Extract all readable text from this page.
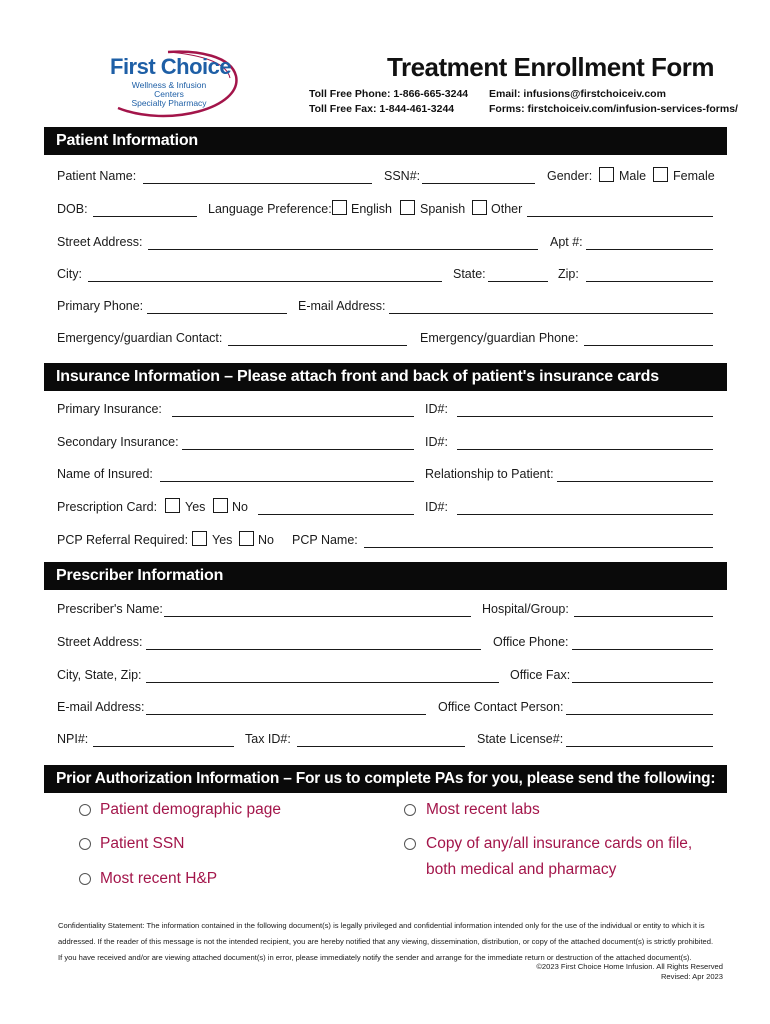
First Choice
Wellness & Infusion
Centers
Specialty Pharmacy
Treatment Enrollment Form
Toll Free Phone: 1-866-665-3244
Toll Free Fax: 1-844-461-3244
Email: infusions@firstchoiceiv.com
Forms: firstchoiceiv.com/infusion-services-forms/
Patient Information
Patient Name:	SSN#:	Gender: Male Female
DOB:	Language Preference: English Spanish Other
Street Address:	Apt #:
City:	State:	Zip:
Primary Phone:	E-mail Address:
Emergency/guardian Contact:	Emergency/guardian Phone:
Insurance Information – Please attach front and back of patient's insurance cards
Primary Insurance:	ID#:
Secondary Insurance:	ID#:
Name of Insured:	Relationship to Patient:
Prescription Card: Yes No	ID#:
PCP Referral Required: Yes No PCP Name:
Prescriber Information
Prescriber's Name:	Hospital/Group:
Street Address:	Office Phone:
City, State, Zip:	Office Fax:
E-mail Address:	Office Contact Person:
NPI#:	Tax ID#:	State License#:
Prior Authorization Information – For us to complete PAs for you, please send the following:
Patient demographic page
Patient SSN
Most recent H&P
Most recent labs
Copy of any/all insurance cards on file,
both medical and pharmacy
Confidentiality Statement: The information contained in the following document(s) is legally privileged and confidential information intended only for the use of the individual or entity to which it is addressed. If the reader of this message is not the intended recipient, you are hereby notified that any viewing, dissemination, distribution, or copy of the attached document(s) is strictly prohibited. If you have received and/or are viewing attached document(s) in error, please immediately notify the sender and arrange for the immediate return or destruction of the attached document(s).
©2023 First Choice Home Infusion. All Rights Reserved
Revised: Apr 2023
